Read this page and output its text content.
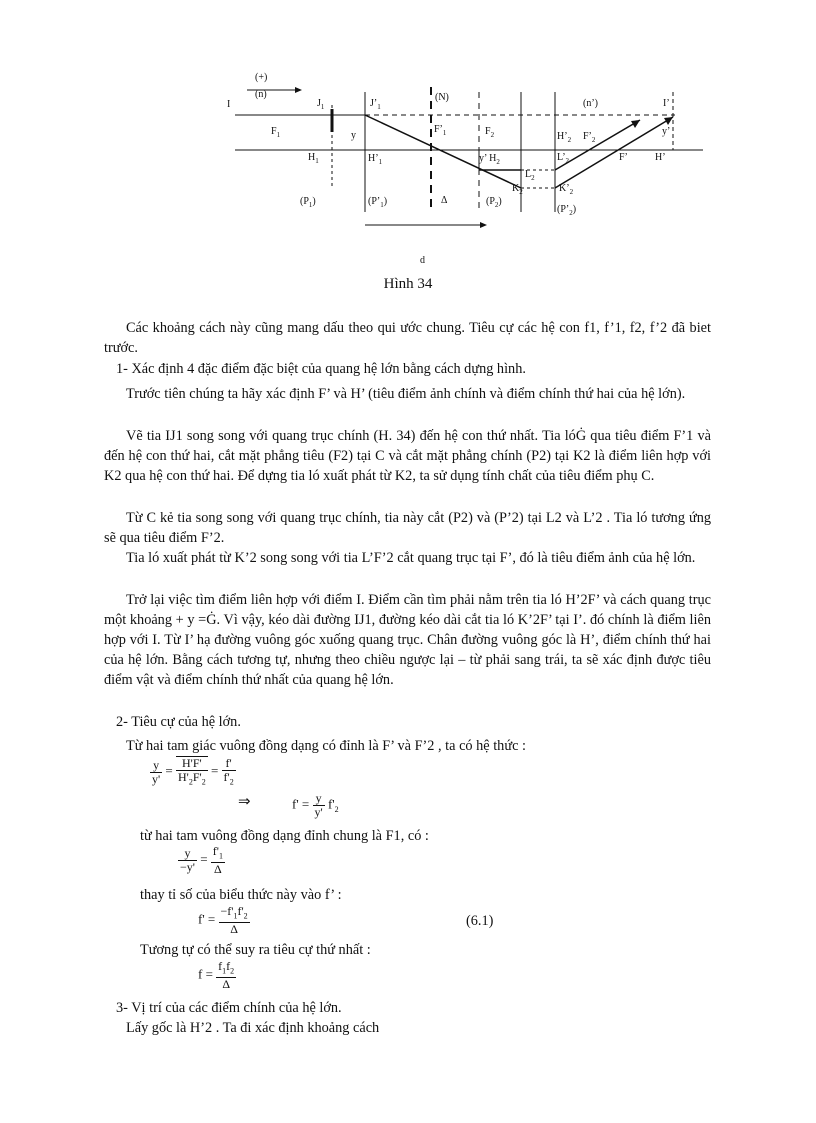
(+)
(n)
I	$J_1$	$J’_1$
(N)
(n’)	I’
$F_1$	y
$F’_1$	$F_2$	$H’_2$ $F’_2$
y’
$H_1$	$H’_1$	y’ $H_2$	$L’_2$	F’	H’
$L_2$
$K_2$	$K’_2$
$(P_1)$	$(P’_1)$	Δ	$(P_2)$
$(P’_2)$
d
Hình 34

Các khoảng cách này cũng mang dấu theo qui ước chung. Tiêu cự các hệ con f1, f’1, f2, f’2 đã biet trước.

1- Xác định 4 đặc điểm đặc biệt của quang hệ lớn bằng cách dựng hình.

Trước tiên chúng ta hãy xác định F’ và H’ (tiêu điểm ảnh chính và điểm chính thứ hai của hệ lớn).

Vẽ tia IJ1 song song với quang trục chính (H. 34) đến hệ con thứ nhất. Tia lóĠ qua tiêu điểm F’1 và đến hệ con thứ hai, cắt mặt phẳng tiêu (F2) tại C và cắt mặt phẳng chính (P2) tại K2 là điểm liên hợp với K2 qua hệ con thứ hai. Để dựng tia ló xuất phát từ K2, ta sử dụng tính chất của tiêu điểm phụ C.

Từ C kẻ tia song song với quang trục chính, tia này cắt (P2) và (P’2) tại L2 và L’2 . Tia ló tương ứng sẽ qua tiêu điểm F’2.

Tia ló xuất phát từ K’2 song song với tia L’F’2 cắt quang trục tại F’, đó là tiêu điểm ảnh của hệ lớn.

Trở lại việc tìm điểm liên hợp với điểm I. Điểm cần tìm phải nằm trên tia ló H’2F’ và cách quang trục một khoảng + y =Ġ. Vì vậy, kéo dài đường IJ1, đường kéo dài cắt tia ló K’2F’ tại I’. đó chính là điểm liên hợp với I. Từ I’ hạ đường vuông góc xuống quang trục. Chân đường vuông góc là H’, điểm chính thứ hai của hệ lớn. Bằng cách tương tự, nhưng theo chiều ngược lại – từ phải sang trái, ta sẽ xác định được tiêu điểm vật và điểm chính thứ nhất của quang hệ lớn.

2- Tiêu cự của hệ lớn.

Từ hai tam giác vuông đồng dạng có đỉnh là F’ và F’2 , ta có hệ thức :

$\frac{y}{y'} = \frac{H'F'}{H'_2F'_2} = \frac{f'}{f'_2}$
⇒	$f' = \frac{y}{y'} f'_2$

từ hai tam vuông đồng dạng đỉnh chung là F1, có :

$\frac{y}{-y'} = \frac{f'_1}{\Delta}$

thay tỉ số của biểu thức này vào f’ :

$f' = \frac{-f'_1f'_2}{\Delta}$	(6.1)

Tương tự có thể suy ra tiêu cự thứ nhất :

$f = \frac{f_1f_2}{\Delta}$

3- Vị trí của các điểm chính của hệ lớn.

Lấy gốc là H’2 . Ta đi xác định khoảng cách
